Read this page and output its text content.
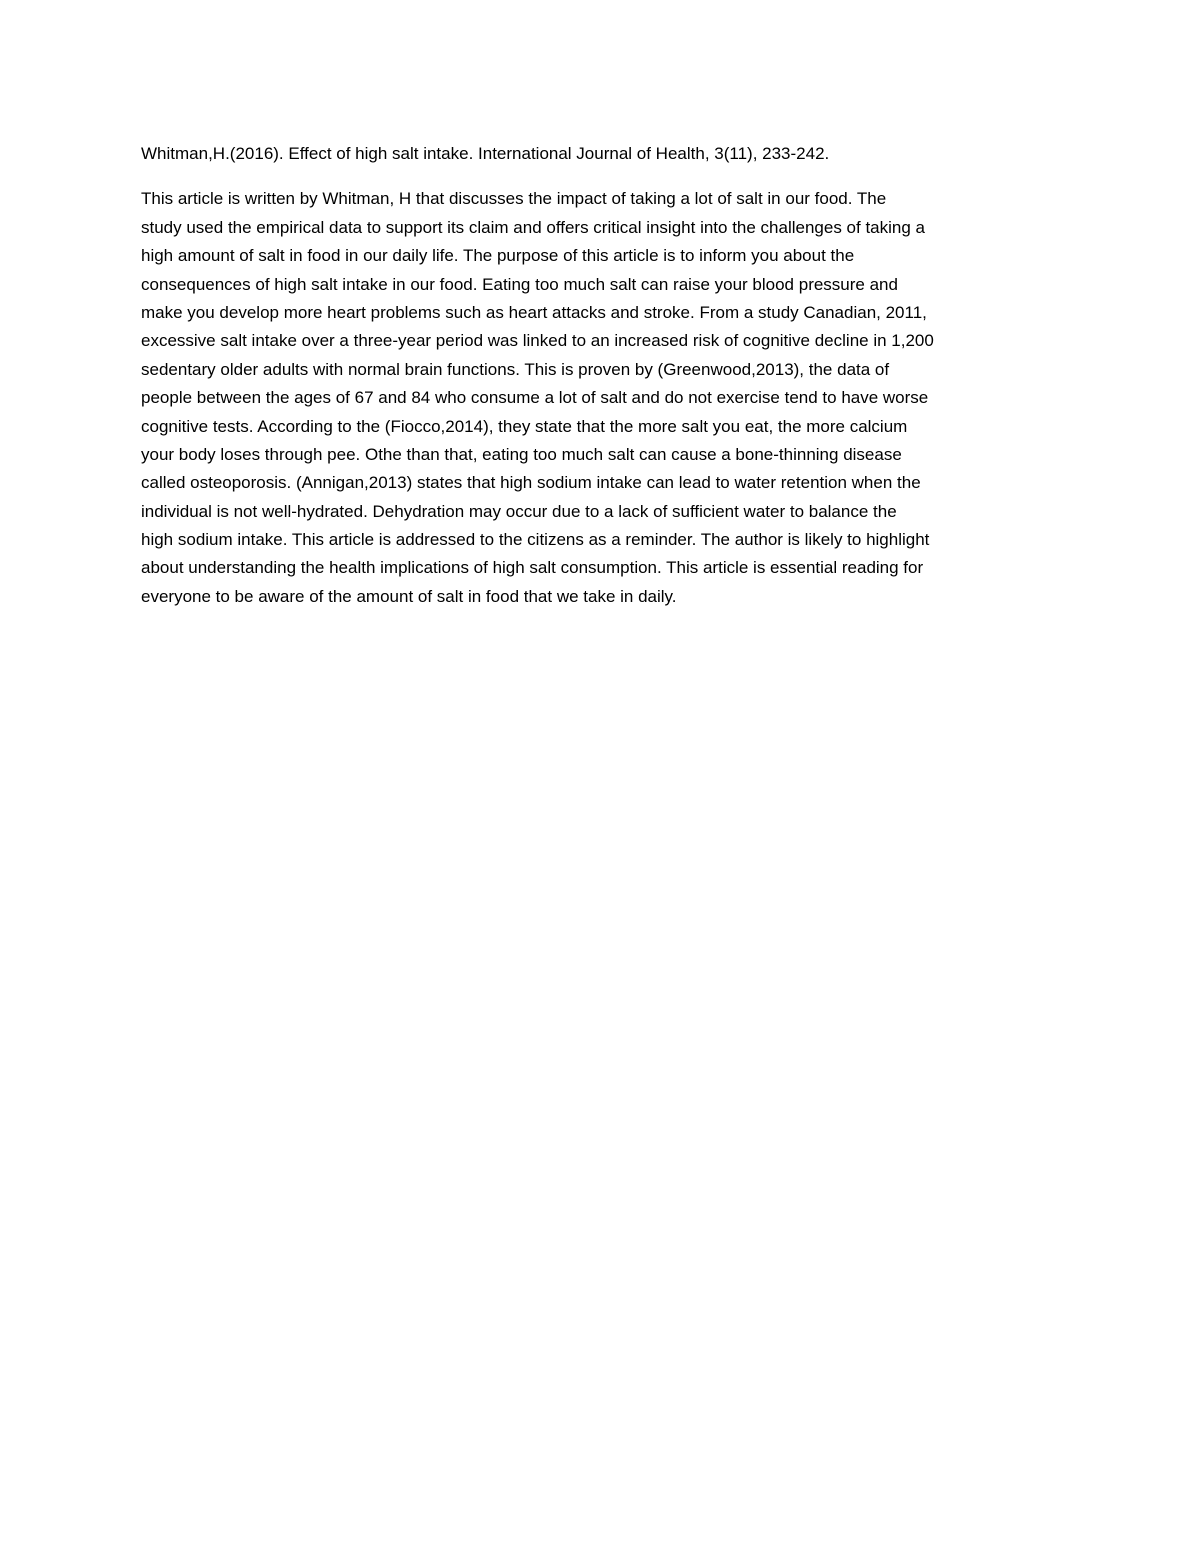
Whitman,H.(2016). Effect of high salt intake. International Journal of Health, 3(11), 233-242.
This article is written by Whitman, H that discusses the impact of taking a lot of salt in our food. The
study used the empirical data to support its claim and offers critical insight into the challenges of taking a
high amount of salt in food in our daily life. The purpose of this article is to inform you about the
consequences of high salt intake in our food. Eating too much salt can raise your blood pressure and
make you develop more heart problems such as heart attacks and stroke. From a study Canadian, 2011,
excessive salt intake over a three-year period was linked to an increased risk of cognitive decline in 1,200
sedentary older adults with normal brain functions. This is proven by (Greenwood,2013), the data of
people between the ages of 67 and 84 who consume a lot of salt and do not exercise tend to have worse
cognitive tests. According to the (Fiocco,2014), they state that the more salt you eat, the more calcium
your body loses through pee. Othe than that, eating too much salt can cause a bone-thinning disease
called osteoporosis. (Annigan,2013) states that high sodium intake can lead to water retention when the
individual is not well-hydrated. Dehydration may occur due to a lack of sufficient water to balance the
high sodium intake. This article is addressed to the citizens as a reminder. The author is likely to highlight
about understanding the health implications of high salt consumption. This article is essential reading for
everyone to be aware of the amount of salt in food that we take in daily.
